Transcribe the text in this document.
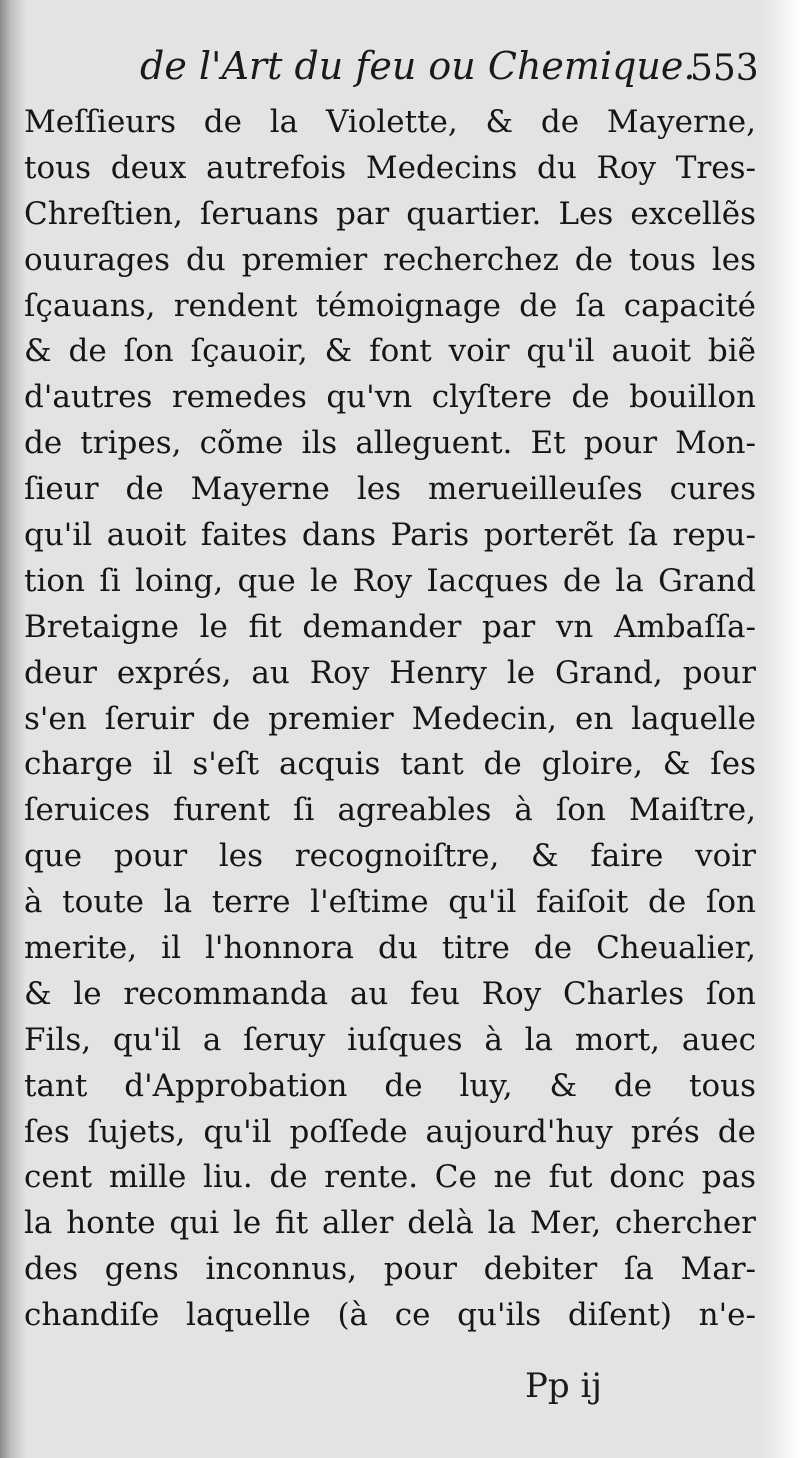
de l'Art du feu ou Chemique.
553
Meſſieurs de la Violette, & de Mayerne,
tous deux autrefois Medecins du Roy Tres-
Chreſtien, ſeruans par quartier. Les excellẽs
ouurages du premier recherchez de tous les
ſçauans, rendent témoignage de ſa capacité
& de ſon ſçauoir, & font voir qu'il auoit biẽ
d'autres remedes qu'vn clyſtere de bouillon
de tripes, cõme ils alleguent. Et pour Mon-
ſieur de Mayerne les merueilleuſes cures
qu'il auoit faites dans Paris porterẽt ſa repu-
tion ſi loing, que le Roy Iacques de la Grand
Bretaigne le fit demander par vn Ambaſſa-
deur exprés, au Roy Henry le Grand, pour
s'en ſeruir de premier Medecin, en laquelle
charge il s'eſt acquis tant de gloire, & ſes
ſeruices furent ſi agreables à ſon Maiſtre,
que pour les recognoiſtre, & faire voir
à toute la terre l'eſtime qu'il faiſoit de ſon
merite, il l'honnora du titre de Cheualier,
& le recommanda au feu Roy Charles ſon
Fils, qu'il a ſeruy iuſques à la mort, auec
tant d'Approbation de luy, & de tous
ſes ſujets, qu'il poſſede aujourd'huy prés de
cent mille liu. de rente. Ce ne fut donc pas
la honte qui le fit aller delà la Mer, chercher
des gens inconnus, pour debiter ſa Mar-
chandiſe laquelle (à ce qu'ils diſent) n'e-
Pp ij
